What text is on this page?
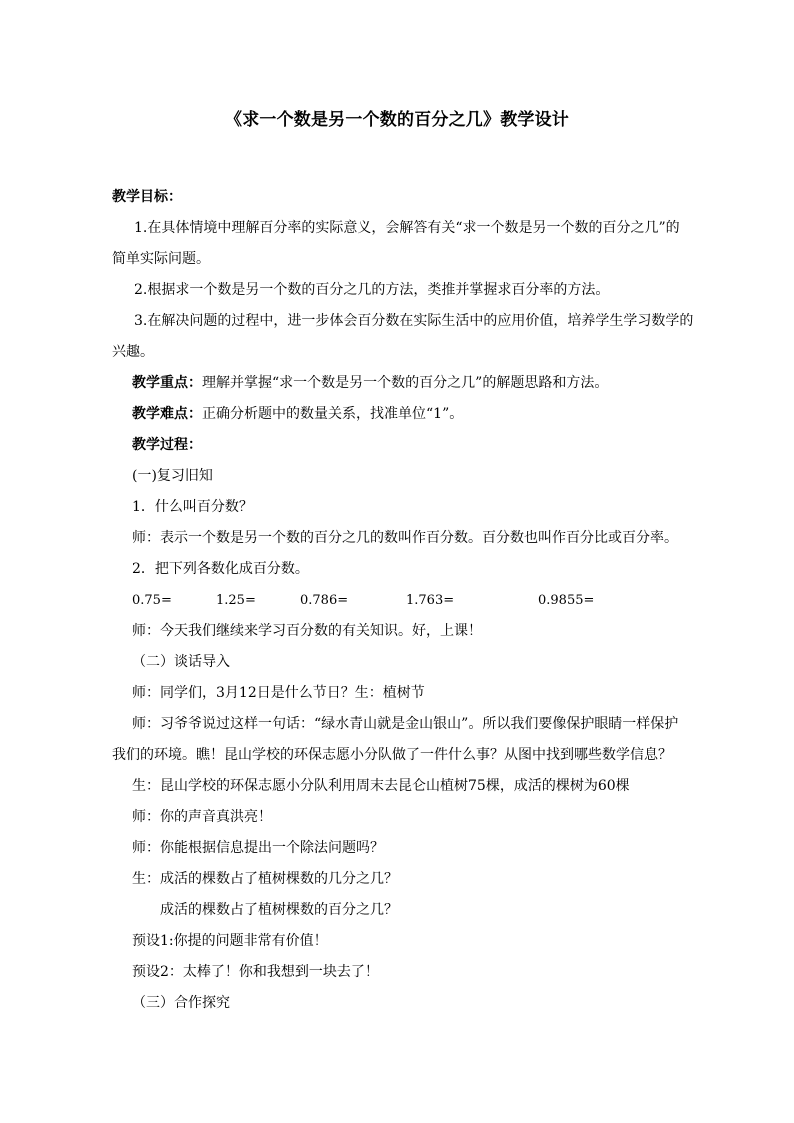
《求一个数是另一个数的百分之几》教学设计

教学目标：

1.在具体情境中理解百分率的实际意义，会解答有关“求一个数是另一个数的百分之几”的

简单实际问题。

2.根据求一个数是另一个数的百分之几的方法，类推并掌握求百分率的方法。

3.在解决问题的过程中，进一步体会百分数在实际生活中的应用价值，培养学生学习数学的

兴趣。

教学重点：理解并掌握“求一个数是另一个数的百分之几”的解题思路和方法。

教学难点：正确分析题中的数量关系，找准单位“1”。

教学过程：

(一)复习旧知

1．什么叫百分数？

师：表示一个数是另一个数的百分之几的数叫作百分数。百分数也叫作百分比或百分率。

2．把下列各数化成百分数。

0.75=	1.25=	0.786=	1.763=	0.9855=

师：今天我们继续来学习百分数的有关知识。好，上课！

（二）谈话导入

师：同学们，3月12日是什么节日？生：植树节

师：习爷爷说过这样一句话：“绿水青山就是金山银山”。所以我们要像保护眼睛一样保护

我们的环境。瞧！昆山学校的环保志愿小分队做了一件什么事？从图中找到哪些数学信息？

生：昆山学校的环保志愿小分队利用周末去昆仑山植树75棵，成活的棵树为60棵

师：你的声音真洪亮！

师：你能根据信息提出一个除法问题吗？

生：成活的棵数占了植树棵数的几分之几？

成活的棵数占了植树棵数的百分之几？

预设1:你提的问题非常有价值！

预设2：太棒了！你和我想到一块去了！

（三）合作探究
